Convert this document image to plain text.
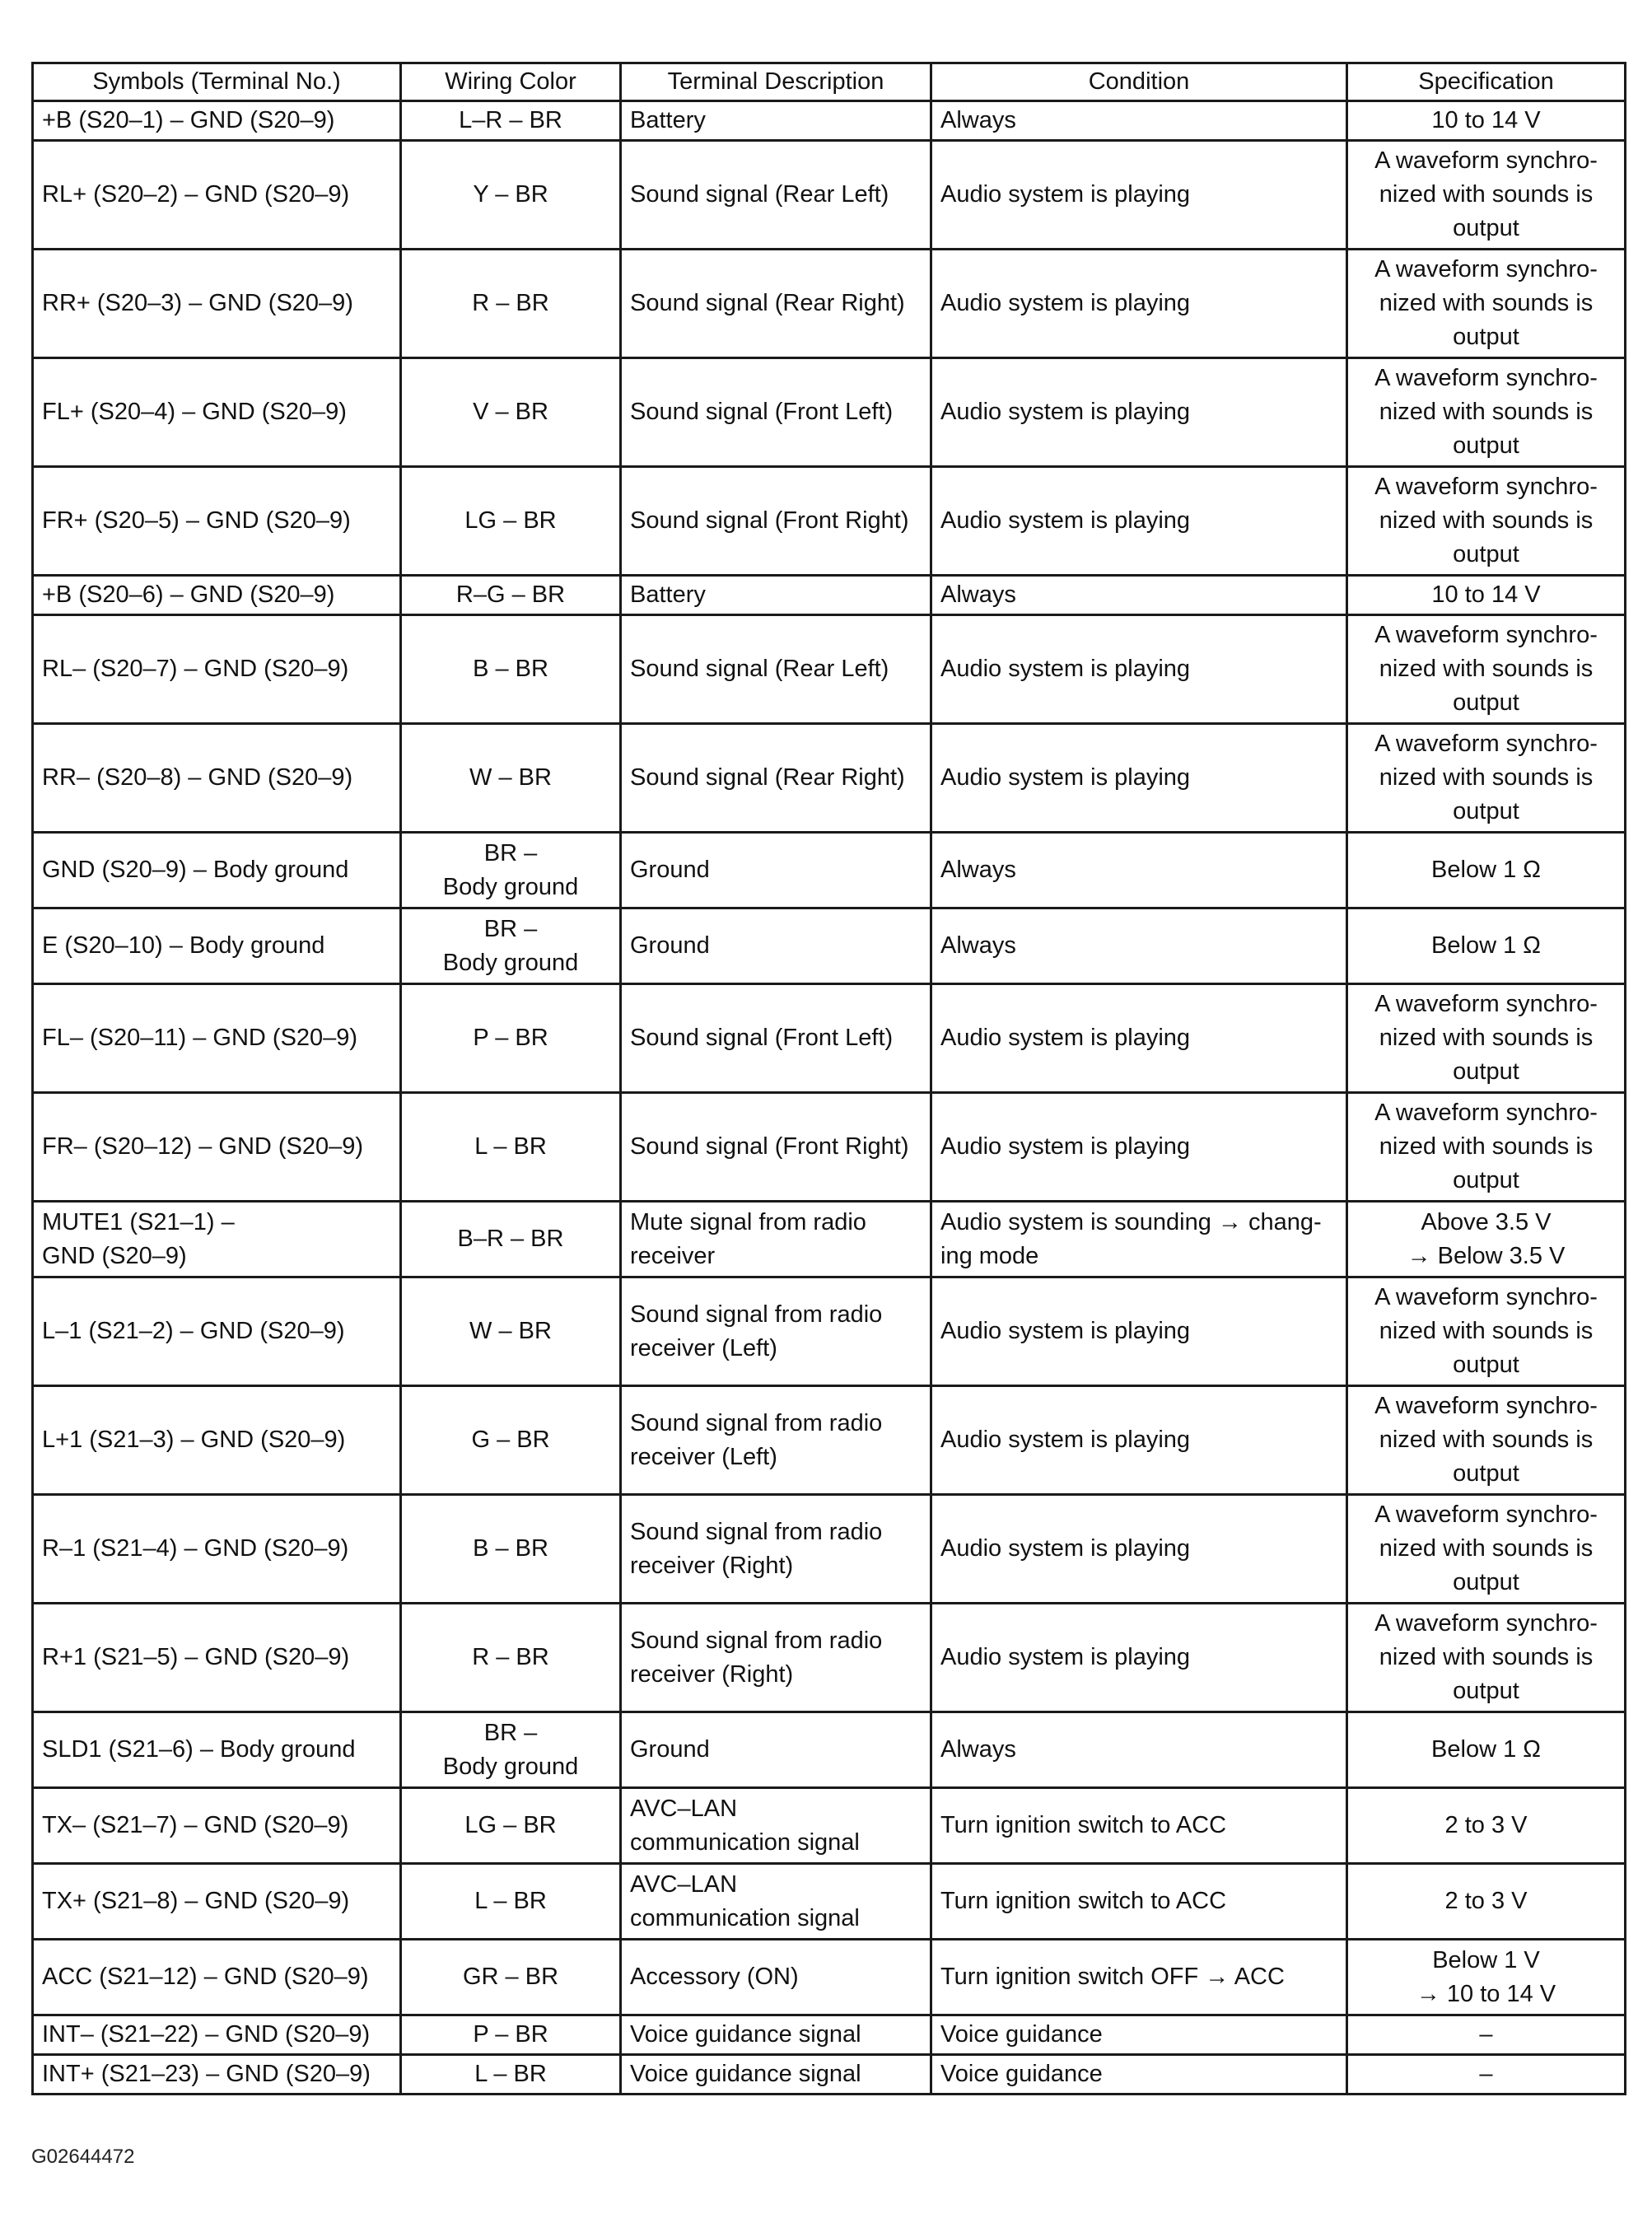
Symbols (Terminal No.)	Wiring Color	Terminal Description	Condition	Specification
+B (S20–1) – GND (S20–9)	L–R – BR	Battery	Always	10 to 14 V
RL+ (S20–2) – GND (S20–9)	Y – BR	Sound signal (Rear Left)	Audio system is playing	A waveform synchro-
nized with sounds is
output
RR+ (S20–3) – GND (S20–9)	R – BR	Sound signal (Rear Right)	Audio system is playing	A waveform synchro-
nized with sounds is
output
FL+ (S20–4) – GND (S20–9)	V – BR	Sound signal (Front Left)	Audio system is playing	A waveform synchro-
nized with sounds is
output
FR+ (S20–5) – GND (S20–9)	LG – BR	Sound signal (Front Right)	Audio system is playing	A waveform synchro-
nized with sounds is
output
+B (S20–6) – GND (S20–9)	R–G – BR	Battery	Always	10 to 14 V
RL– (S20–7) – GND (S20–9)	B – BR	Sound signal (Rear Left)	Audio system is playing	A waveform synchro-
nized with sounds is
output
RR– (S20–8) – GND (S20–9)	W – BR	Sound signal (Rear Right)	Audio system is playing	A waveform synchro-
nized with sounds is
output
GND (S20–9) – Body ground	BR –
Body ground	Ground	Always	Below 1 Ω
E (S20–10) – Body ground	BR –
Body ground	Ground	Always	Below 1 Ω
FL– (S20–11) – GND (S20–9)	P – BR	Sound signal (Front Left)	Audio system is playing	A waveform synchro-
nized with sounds is
output
FR– (S20–12) – GND (S20–9)	L – BR	Sound signal (Front Right)	Audio system is playing	A waveform synchro-
nized with sounds is
output
MUTE1 (S21–1) –
GND (S20–9)	B–R – BR	Mute signal from radio
receiver	Audio system is sounding → chang-
ing mode	Above 3.5 V
→ Below 3.5 V
L–1 (S21–2) – GND (S20–9)	W – BR	Sound signal from radio
receiver (Left)	Audio system is playing	A waveform synchro-
nized with sounds is
output
L+1 (S21–3) – GND (S20–9)	G – BR	Sound signal from radio
receiver (Left)	Audio system is playing	A waveform synchro-
nized with sounds is
output
R–1 (S21–4) – GND (S20–9)	B – BR	Sound signal from radio
receiver (Right)	Audio system is playing	A waveform synchro-
nized with sounds is
output
R+1 (S21–5) – GND (S20–9)	R – BR	Sound signal from radio
receiver (Right)	Audio system is playing	A waveform synchro-
nized with sounds is
output
SLD1 (S21–6) – Body ground	BR –
Body ground	Ground	Always	Below 1 Ω
TX– (S21–7) – GND (S20–9)	LG – BR	AVC–LAN
communication signal	Turn ignition switch to ACC	2 to 3 V
TX+ (S21–8) – GND (S20–9)	L – BR	AVC–LAN
communication signal	Turn ignition switch to ACC	2 to 3 V
ACC (S21–12) – GND (S20–9)	GR – BR	Accessory (ON)	Turn ignition switch OFF → ACC	Below 1 V
→ 10 to 14 V
INT– (S21–22) – GND (S20–9)	P – BR	Voice guidance signal	Voice guidance	–
INT+ (S21–23) – GND (S20–9)	L – BR	Voice guidance signal	Voice guidance	–
G02644472
